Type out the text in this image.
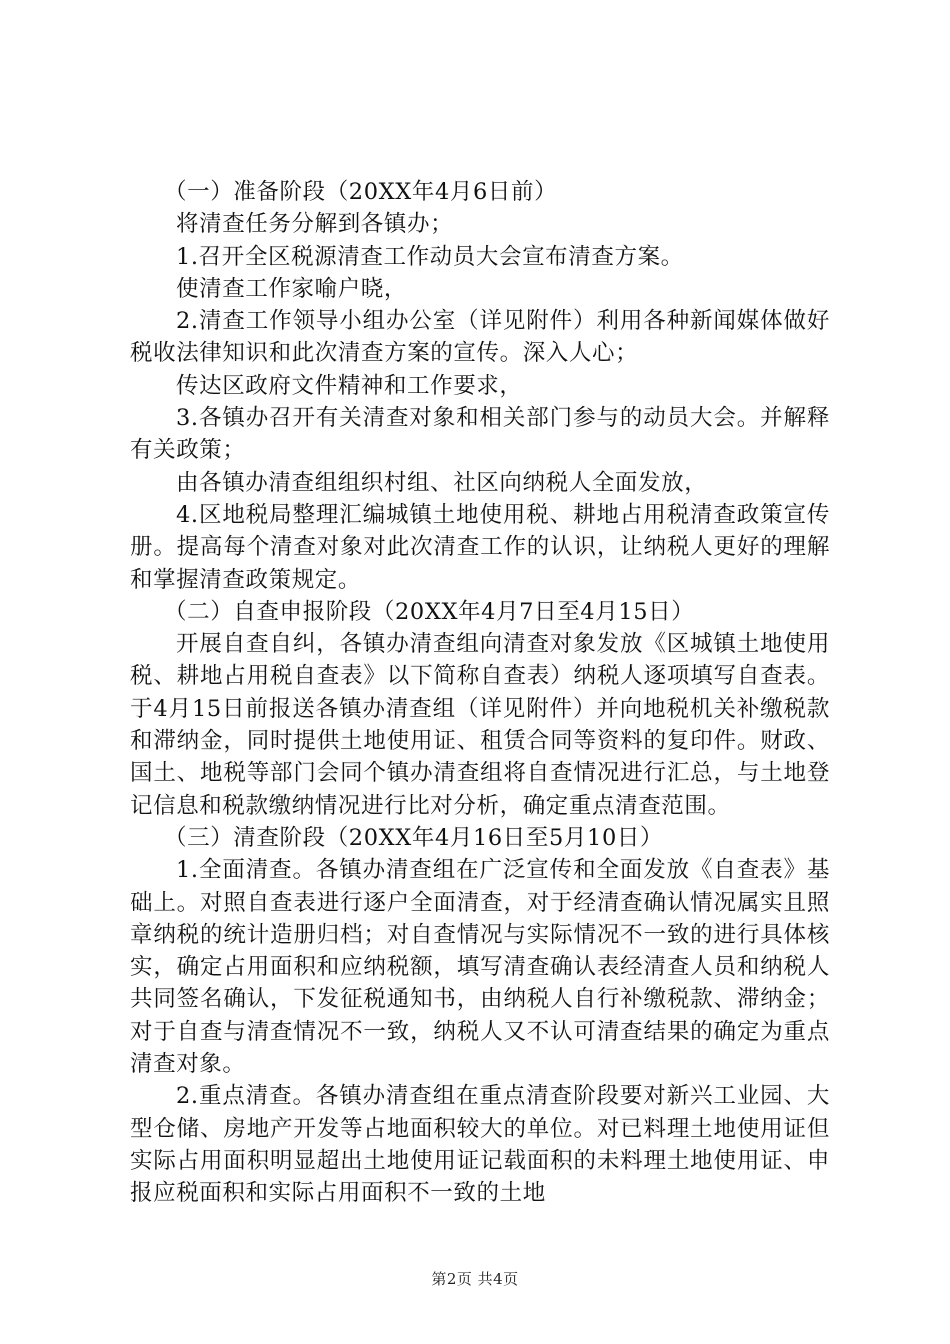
（一）准备阶段（20XX年4月6日前）

将清查任务分解到各镇办；

1.召开全区税源清查工作动员大会宣布清查方案。

使清查工作家喻户晓，

2.清查工作领导小组办公室（详见附件）利用各种新闻媒体做好税收法律知识和此次清查方案的宣传。深入人心；

传达区政府文件精神和工作要求，

3.各镇办召开有关清查对象和相关部门参与的动员大会。并解释有关政策；

由各镇办清查组组织村组、社区向纳税人全面发放，

4.区地税局整理汇编城镇土地使用税、耕地占用税清查政策宣传册。提高每个清查对象对此次清查工作的认识，让纳税人更好的理解和掌握清查政策规定。

（二）自查申报阶段（20XX年4月7日至4月15日）

开展自查自纠，各镇办清查组向清查对象发放《区城镇土地使用税、耕地占用税自查表》以下简称自查表）纳税人逐项填写自查表。于4月15日前报送各镇办清查组（详见附件）并向地税机关补缴税款和滞纳金，同时提供土地使用证、租赁合同等资料的复印件。财政、国土、地税等部门会同个镇办清查组将自查情况进行汇总，与土地登记信息和税款缴纳情况进行比对分析，确定重点清查范围。

（三）清查阶段（20XX年4月16日至5月10日）

1.全面清查。各镇办清查组在广泛宣传和全面发放《自查表》基础上。对照自查表进行逐户全面清查，对于经清查确认情况属实且照章纳税的统计造册归档；对自查情况与实际情况不一致的进行具体核实，确定占用面积和应纳税额，填写清查确认表经清查人员和纳税人共同签名确认，下发征税通知书，由纳税人自行补缴税款、滞纳金；对于自查与清查情况不一致，纳税人又不认可清查结果的确定为重点清查对象。

2.重点清查。各镇办清查组在重点清查阶段要对新兴工业园、大型仓储、房地产开发等占地面积较大的单位。对已料理土地使用证但实际占用面积明显超出土地使用证记载面积的未料理土地使用证、申报应税面积和实际占用面积不一致的土地

第2页 共4页
